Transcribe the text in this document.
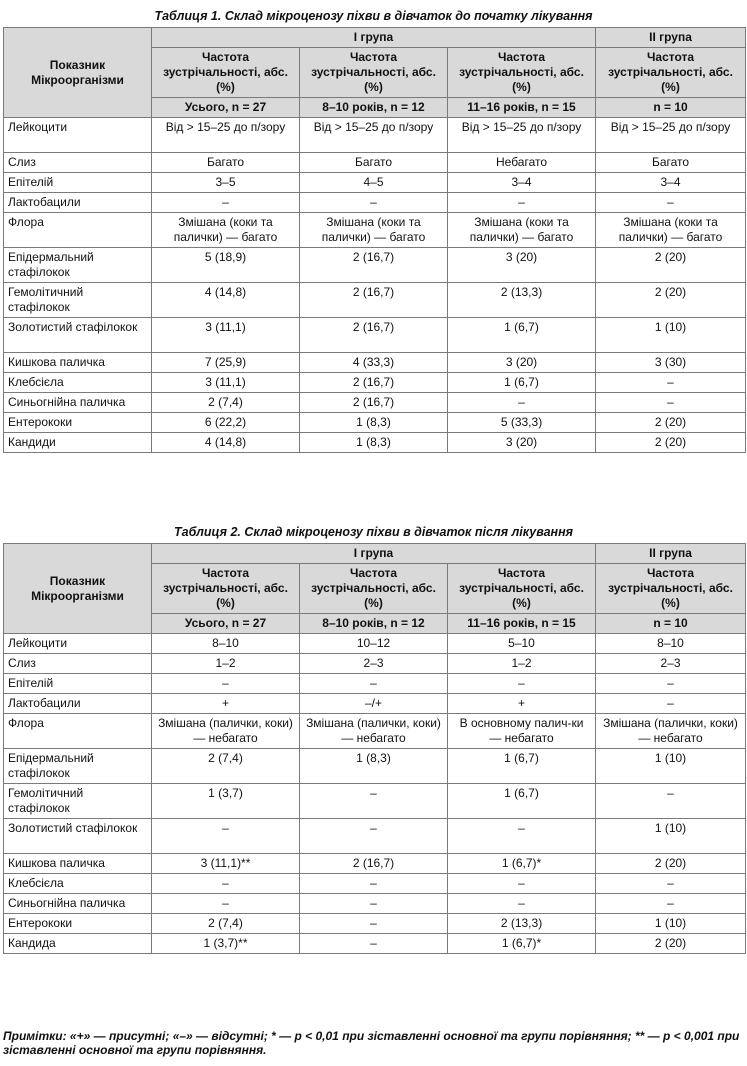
Таблиця 1. Склад мікроценозу піхви в дівчаток до початку лікування
Показник Мікроорганізми	I група			II група
	Частота зустрічальності, абс. (%)	Частота зустрічальності, абс. (%)	Частота зустрічальності, абс. (%)	Частота зустрічальності, абс. (%)
	Усього, n = 27	8–10 років, n = 12	11–16 років, n = 15	n = 10
Лейкоцити	Від > 15–25 до п/зору	Від > 15–25 до п/зору	Від > 15–25 до п/зору	Від > 15–25 до п/зору
Слиз	Багато	Багато	Небагато	Багато
Епітелій	3–5	4–5	3–4	3–4
Лактобацили	–	–	–	–
Флора	Змішана (коки та палички) — багато	Змішана (коки та палички) — багато	Змішана (коки та палички) — багато	Змішана (коки та палички) — багато
Епідермальний стафілокок	5 (18,9)	2 (16,7)	3 (20)	2 (20)
Гемолітичний стафілокок	4 (14,8)	2 (16,7)	2 (13,3)	2 (20)
Золотистий стафілокок	3 (11,1)	2 (16,7)	1 (6,7)	1 (10)
Кишкова паличка	7 (25,9)	4 (33,3)	3 (20)	3 (30)
Клебсієла	3 (11,1)	2 (16,7)	1 (6,7)	–
Синьогнійна паличка	2 (7,4)	2 (16,7)	–	–
Ентерококи	6 (22,2)	1 (8,3)	5 (33,3)	2 (20)
Кандиди	4 (14,8)	1 (8,3)	3 (20)	2 (20)
Таблиця 2. Склад мікроценозу піхви в дівчаток після лікування
Показник Мікроорганізми	I група			II група
	Частота зустрічальності, абс. (%)	Частота зустрічальності, абс. (%)	Частота зустрічальності, абс. (%)	Частота зустрічальності, абс. (%)
	Усього, n = 27	8–10 років, n = 12	11–16 років, n = 15	n = 10
Лейкоцити	8–10	10–12	5–10	8–10
Слиз	1–2	2–3	1–2	2–3
Епітелій	–	–	–	–
Лактобацили	+	–/+	+	–
Флора	Змішана (палички, коки) — небагато	Змішана (палички, коки) — небагато	В основному палич-ки — небагато	Змішана (палички, коки) — небагато
Епідермальний стафілокок	2 (7,4)	1 (8,3)	1 (6,7)	1 (10)
Гемолітичний стафілокок	1 (3,7)	–	1 (6,7)	–
Золотистий стафілокок	–	–	–	1 (10)
Кишкова паличка	3 (11,1)**	2 (16,7)	1 (6,7)*	2 (20)
Клебсієла	–	–	–	–
Синьогнійна паличка	–	–	–	–
Ентерококи	2 (7,4)	–	2 (13,3)	1 (10)
Кандида	1 (3,7)**	–	1 (6,7)*	2 (20)
Примітки: «+» — присутні; «–» — відсутні; * — р < 0,01 при зіставленні основної та групи порівняння; ** — р < 0,001 при зіставленні основної та групи порівняння.
